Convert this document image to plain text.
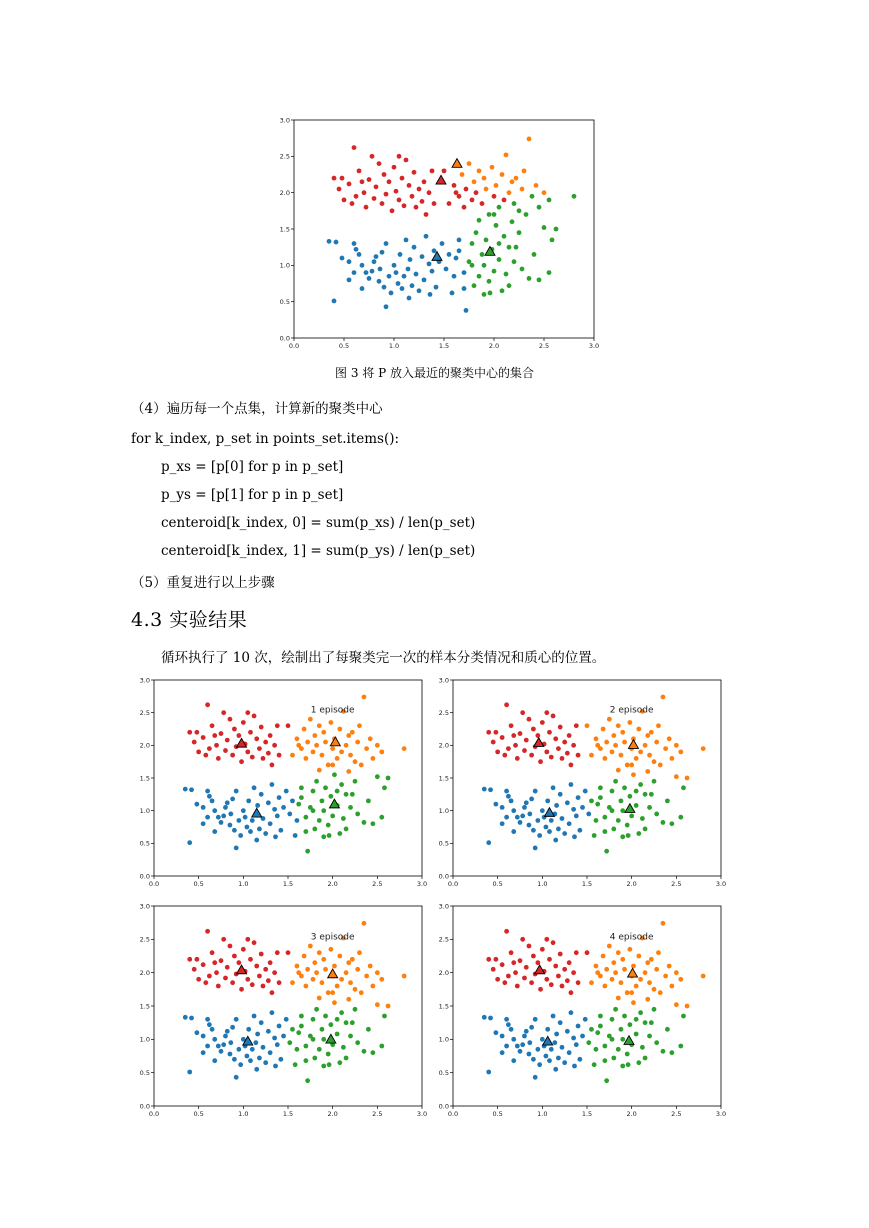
0.0	0.5	1.0	1.5	2.0	2.5	3.0
0.0
0.5
1.0
1.5
2.0
2.5
3.0
图 3 将 P 放入最近的聚类中心的集合
（4）遍历每一个点集，计算新的聚类中心
for k_index, p_set in points_set.items():
p_xs = [p[0] for p in p_set]
p_ys = [p[1] for p in p_set]
centeroid[k_index, 0] = sum(p_xs) / len(p_set)
centeroid[k_index, 1] = sum(p_ys) / len(p_set)
（5）重复进行以上步骤
4.3 实验结果
循环执行了 10 次，绘制出了每聚类完一次的样本分类情况和质心的位置。
0.0	0.5	1.0	1.5	2.0	2.5	3.0
0.0
0.5
1.0
1.5
2.0
2.5
3.0
1 episode
0.0	0.5	1.0	1.5	2.0	2.5	3.0
0.0
0.5
1.0
1.5
2.0
2.5
3.0
2 episode
0.0	0.5	1.0	1.5	2.0	2.5	3.0
0.0
0.5
1.0
1.5
2.0
2.5
3.0
3 episode
0.0	0.5	1.0	1.5	2.0	2.5	3.0
0.0
0.5
1.0
1.5
2.0
2.5
3.0
4 episode
